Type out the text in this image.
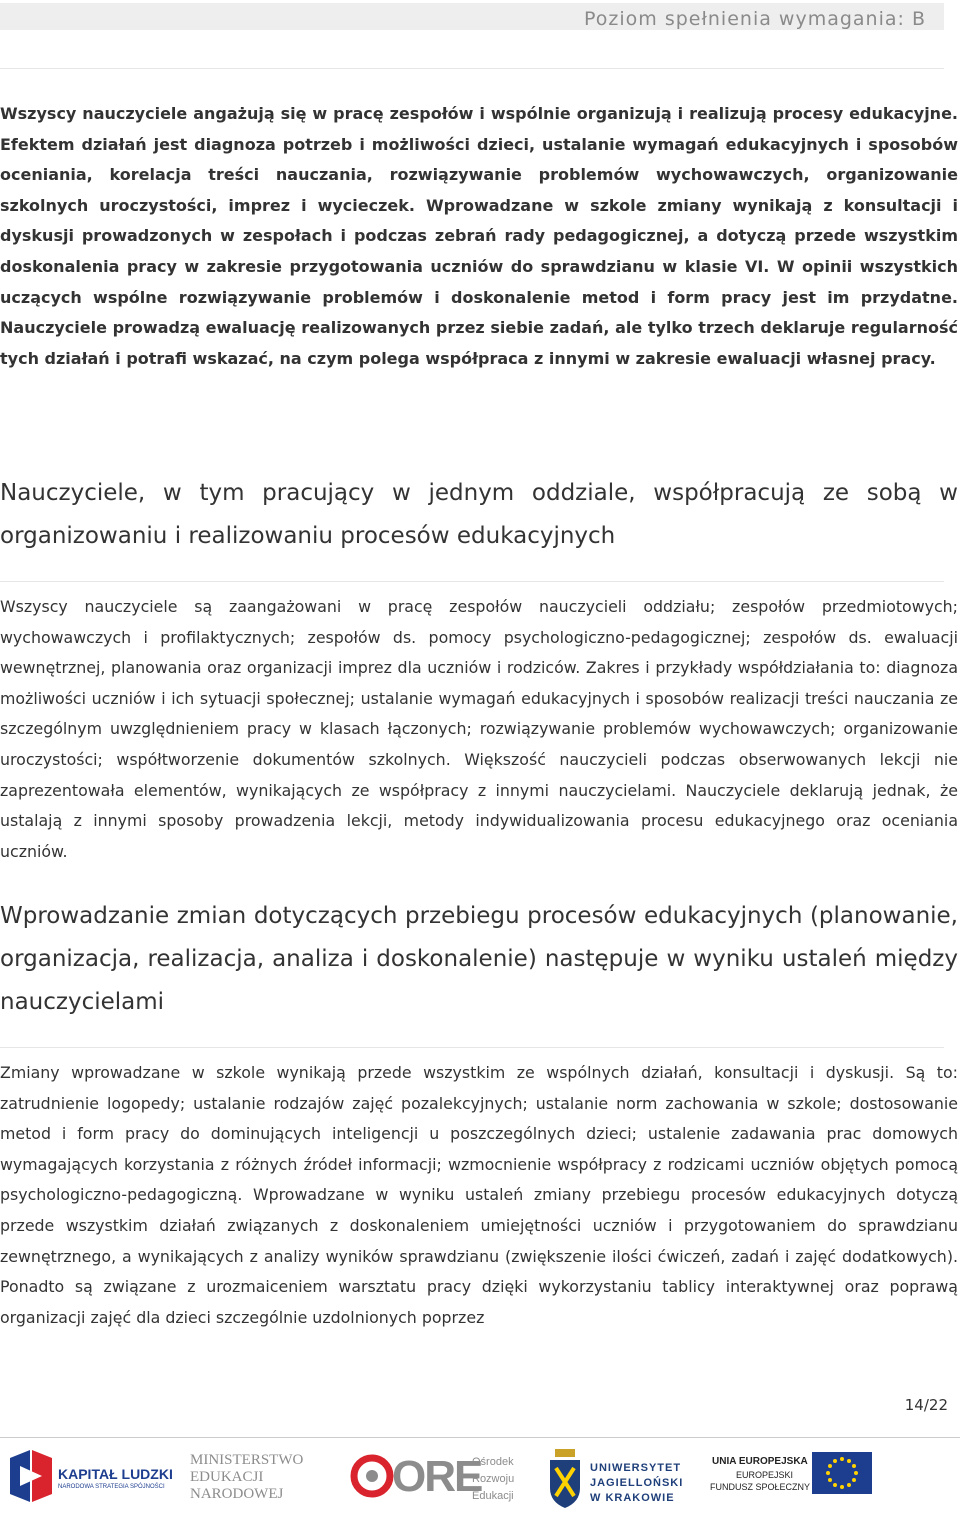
Poziom spełnienia wymagania: B

Wszyscy nauczyciele angażują się w pracę zespołów i wspólnie organizują i realizują procesy edukacyjne. Efektem działań jest diagnoza potrzeb i możliwości dzieci, ustalanie wymagań edukacyjnych i sposobów oceniania, korelacja treści nauczania, rozwiązywanie problemów wychowawczych, organizowanie szkolnych uroczystości, imprez i wycieczek. Wprowadzane w szkole zmiany wynikają z konsultacji i dyskusji prowadzonych w zespołach i podczas zebrań rady pedagogicznej, a dotyczą przede wszystkim doskonalenia pracy w zakresie przygotowania uczniów do sprawdzianu w klasie VI. W opinii wszystkich uczących wspólne rozwiązywanie problemów i doskonalenie metod i form pracy jest im przydatne. Nauczyciele prowadzą ewaluację realizowanych przez siebie zadań, ale tylko trzech deklaruje regularność tych działań i potrafi wskazać, na czym polega współpraca z innymi w zakresie ewaluacji własnej pracy.

Nauczyciele, w tym pracujący w jednym oddziale, współpracują ze sobą w organizowaniu i realizowaniu procesów edukacyjnych

Wszyscy nauczyciele są zaangażowani w pracę zespołów nauczycieli oddziału; zespołów przedmiotowych; wychowawczych i profilaktycznych; zespołów ds. pomocy psychologiczno-pedagogicznej; zespołów ds. ewaluacji wewnętrznej, planowania oraz organizacji imprez dla uczniów i rodziców. Zakres i przykłady współdziałania to: diagnoza możliwości uczniów i ich sytuacji społecznej; ustalanie wymagań edukacyjnych i sposobów realizacji treści nauczania ze szczególnym uwzględnieniem pracy w klasach łączonych; rozwiązywanie problemów wychowawczych; organizowanie uroczystości; współtworzenie dokumentów szkolnych. Większość nauczycieli podczas obserwowanych lekcji nie zaprezentowała elementów, wynikających ze współpracy z innymi nauczycielami. Nauczyciele deklarują jednak, że ustalają z innymi sposoby prowadzenia lekcji, metody indywidualizowania procesu edukacyjnego oraz oceniania uczniów.

Wprowadzanie zmian dotyczących przebiegu procesów edukacyjnych (planowanie, organizacja, realizacja, analiza i doskonalenie) następuje w wyniku ustaleń między nauczycielami

Zmiany wprowadzane w szkole wynikają przede wszystkim ze wspólnych działań, konsultacji i dyskusji. Są to: zatrudnienie logopedy; ustalanie rodzajów zajęć pozalekcyjnych; ustalanie norm zachowania w szkole; dostosowanie metod i form pracy do dominujących inteligencji u poszczególnych dzieci; ustalenie zadawania prac domowych wymagających korzystania z różnych źródeł informacji; wzmocnienie współpracy z rodzicami uczniów objętych pomocą psychologiczno-pedagogiczną. Wprowadzane w wyniku ustaleń zmiany przebiegu procesów edukacyjnych dotyczą przede wszystkim działań związanych z doskonaleniem umiejętności uczniów i przygotowaniem do sprawdzianu zewnętrznego, a wynikających z analizy wyników sprawdzianu (zwiększenie ilości ćwiczeń, zadań i zajęć dodatkowych). Ponadto są związane z urozmaiceniem warsztatu pracy dzięki wykorzystaniu tablicy interaktywnej oraz poprawą organizacji zajęć dla dzieci szczególnie uzdolnionych poprzez

14/22
KAPITAŁ LUDZKI
NARODOWA STRATEGIA SPÓJNOŚCI
MINISTERSTWO
EDUKACJI
NARODOWEJ ORE
Ośrodek
Rozwoju
Edukacji
UNIWERSYTET
JAGIELLOŃSKI
W KRAKOWIE
UNIA EUROPEJSKA
EUROPEJSKI
FUNDUSZ SPOŁECZNY
